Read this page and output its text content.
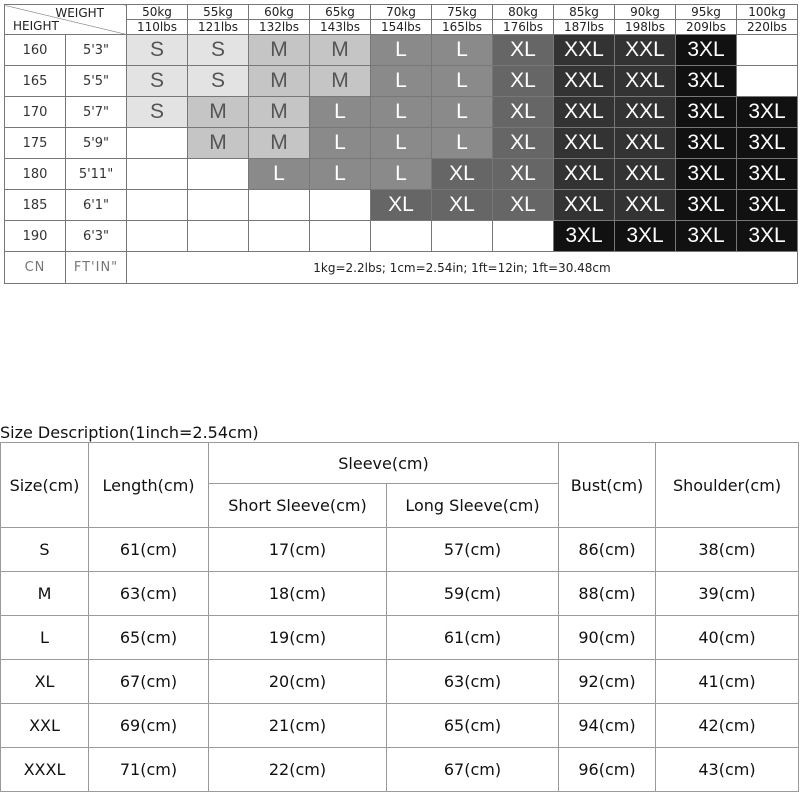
WEIGHT
HEIGHT		50kg	55kg	60kg	65kg	70kg	75kg	80kg	85kg	90kg	95kg	100kg
		110lbs	121lbs	132lbs	143lbs	154lbs	165lbs	176lbs	187lbs	198lbs	209lbs	220lbs
160	5'3"	S	S	M	M	L	L	XL	XXL	XXL	3XL	
165	5'5"	S	S	M	M	L	L	XL	XXL	XXL	3XL	
170	5'7"	S	M	M	L	L	L	XL	XXL	XXL	3XL	3XL
175	5'9"		M	M	L	L	L	XL	XXL	XXL	3XL	3XL
180	5'11"			L	L	L	XL	XL	XXL	XXL	3XL	3XL
185	6'1"					XL	XL	XL	XXL	XXL	3XL	3XL
190	6'3"								3XL	3XL	3XL	3XL
CN	FT'IN"	1kg=2.2lbs; 1cm=2.54in; 1ft=12in; 1ft=30.48cm										
Size Description(1inch=2.54cm)
Size(cm)	Length(cm)	Sleeve(cm)		Bust(cm)	Shoulder(cm)
		Short Sleeve(cm)	Long Sleeve(cm)		
S	61(cm)	17(cm)	57(cm)	86(cm)	38(cm)
M	63(cm)	18(cm)	59(cm)	88(cm)	39(cm)
L	65(cm)	19(cm)	61(cm)	90(cm)	40(cm)
XL	67(cm)	20(cm)	63(cm)	92(cm)	41(cm)
XXL	69(cm)	21(cm)	65(cm)	94(cm)	42(cm)
XXXL	71(cm)	22(cm)	67(cm)	96(cm)	43(cm)
